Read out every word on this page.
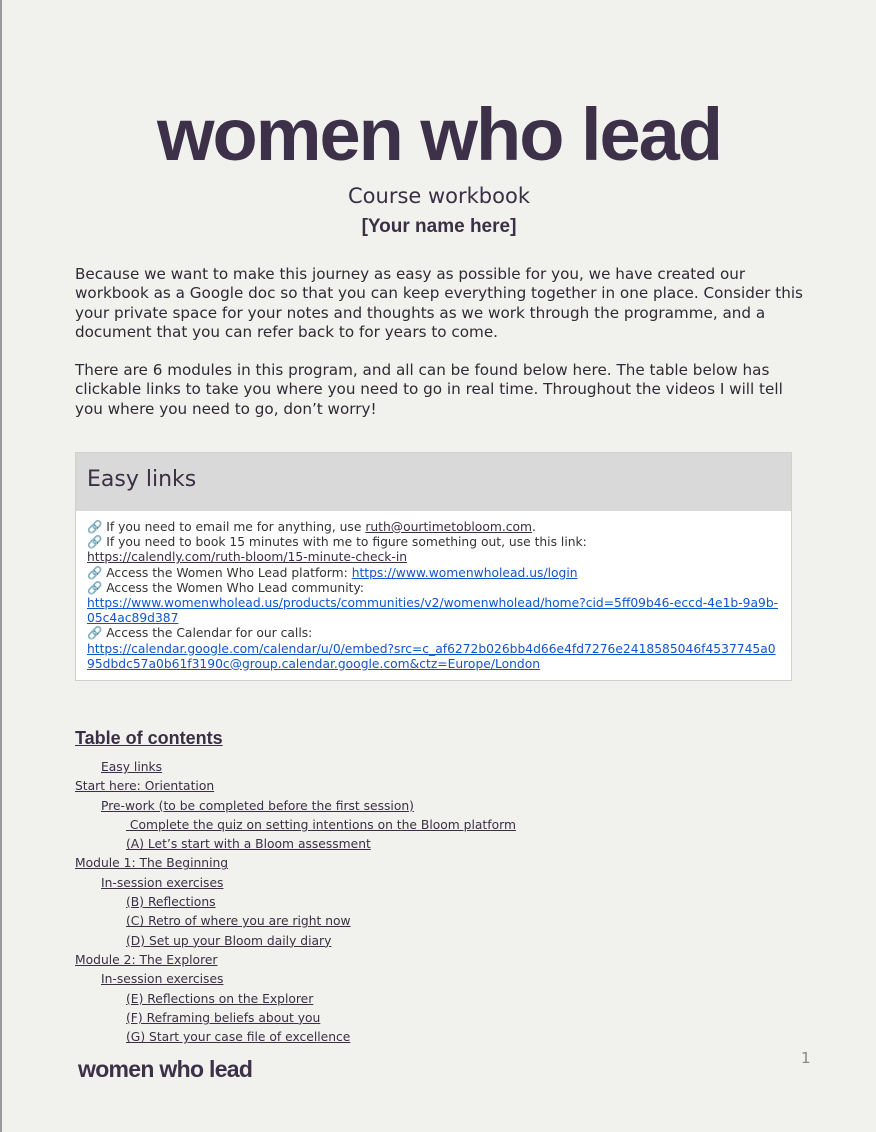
women who lead
Course workbook
[Your name here]
Because we want to make this journey as easy as possible for you, we have created our workbook as a Google doc so that you can keep everything together in one place. Consider this your private space for your notes and thoughts as we work through the programme, and a document that you can refer back to for years to come.
There are 6 modules in this program, and all can be found below here. The table below has clickable links to take you where you need to go in real time. Throughout the videos I will tell you where you need to go, don’t worry!
Easy links
🔗 If you need to email me for anything, use ruth@ourtimetobloom.com.
🔗 If you need to book 15 minutes with me to figure something out, use this link:
https://calendly.com/ruth-bloom/15-minute-check-in
🔗 Access the Women Who Lead platform: https://www.womenwholead.us/login
🔗 Access the Women Who Lead community:
https://www.womenwholead.us/products/communities/v2/womenwholead/home?cid=5ff09b46-eccd-4e1b-9a9b-05c4ac89d387
🔗 Access the Calendar for our calls:
https://calendar.google.com/calendar/u/0/embed?src=c_af6272b026bb4d66e4fd7276e2418585046f4537745a095dbdc57a0b61f3190c@group.calendar.google.com&ctz=Europe/London
Table of contents
Easy links
Start here: Orientation
Pre-work (to be completed before the first session)
Complete the quiz on setting intentions on the Bloom platform
(A) Let’s start with a Bloom assessment
Module 1: The Beginning
In-session exercises
(B) Reflections
(C) Retro of where you are right now
(D) Set up your Bloom daily diary
Module 2: The Explorer
In-session exercises
(E) Reflections on the Explorer
(F) Reframing beliefs about you
(G) Start your case file of excellence
women who lead	1
